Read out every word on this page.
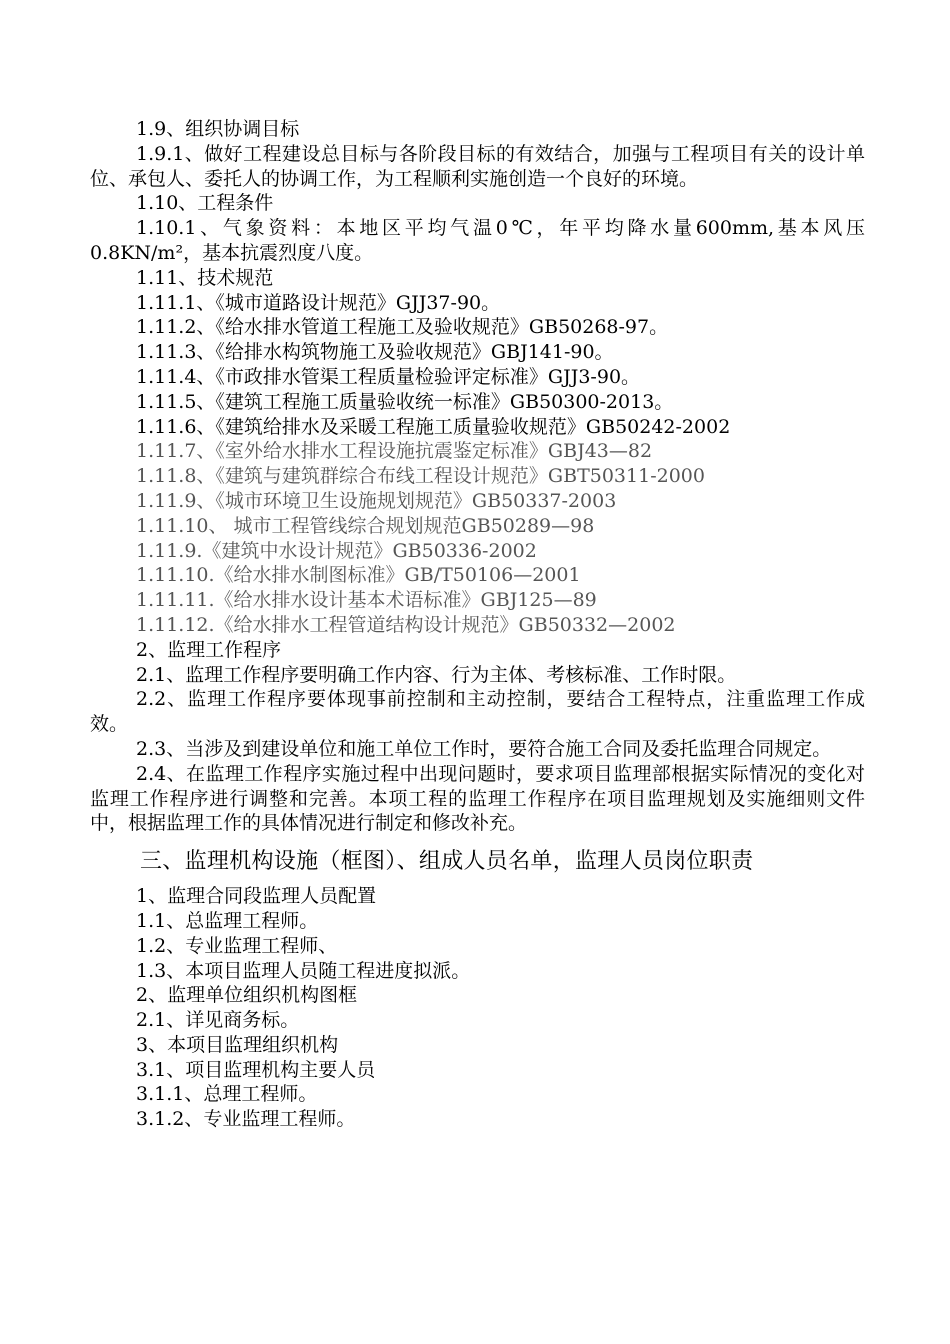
1.9、组织协调目标

1.9.1、做好工程建设总目标与各阶段目标的有效结合，加强与工程项目有关的设计单位、承包人、委托人的协调工作，为工程顺利实施创造一个良好的环境。

1.10、工程条件

1.10.1、气象资料：本地区平均气温0℃，年平均降水量600mm,基本风压0.8KN/m²，基本抗震烈度八度。

1.11、技术规范

1.11.1、《城市道路设计规范》GJJ37-90。

1.11.2、《给水排水管道工程施工及验收规范》GB50268-97。

1.11.3、《给排水构筑物施工及验收规范》GBJ141-90。

1.11.4、《市政排水管渠工程质量检验评定标准》GJJ3-90。

1.11.5、《建筑工程施工质量验收统一标准》GB50300-2013。

1.11.6、《建筑给排水及采暖工程施工质量验收规范》GB50242-2002

1.11.7、《室外给水排水工程设施抗震鉴定标准》GBJ43—82

1.11.8、《建筑与建筑群综合布线工程设计规范》GBT50311-2000

1.11.9、《城市环境卫生设施规划规范》GB50337-2003

1.11.10、 城市工程管线综合规划规范GB50289—98

1.11.9.《建筑中水设计规范》GB50336-2002

1.11.10.《给水排水制图标准》GB/T50106—2001

1.11.11.《给水排水设计基本术语标准》GBJ125—89

1.11.12.《给水排水工程管道结构设计规范》GB50332—2002

2、监理工作程序

2.1、监理工作程序要明确工作内容、行为主体、考核标准、工作时限。

2.2、监理工作程序要体现事前控制和主动控制，要结合工程特点，注重监理工作成效。

2.3、当涉及到建设单位和施工单位工作时，要符合施工合同及委托监理合同规定。

2.4、在监理工作程序实施过程中出现问题时，要求项目监理部根据实际情况的变化对监理工作程序进行调整和完善。本项工程的监理工作程序在项目监理规划及实施细则文件中，根据监理工作的具体情况进行制定和修改补充。

三、监理机构设施（框图）、组成人员名单，监理人员岗位职责

1、监理合同段监理人员配置

1.1、总监理工程师。

1.2、专业监理工程师、

1.3、本项目监理人员随工程进度拟派。

2、监理单位组织机构图框

2.1、详见商务标。

3、本项目监理组织机构

3.1、项目监理机构主要人员

3.1.1、总理工程师。

3.1.2、专业监理工程师。
